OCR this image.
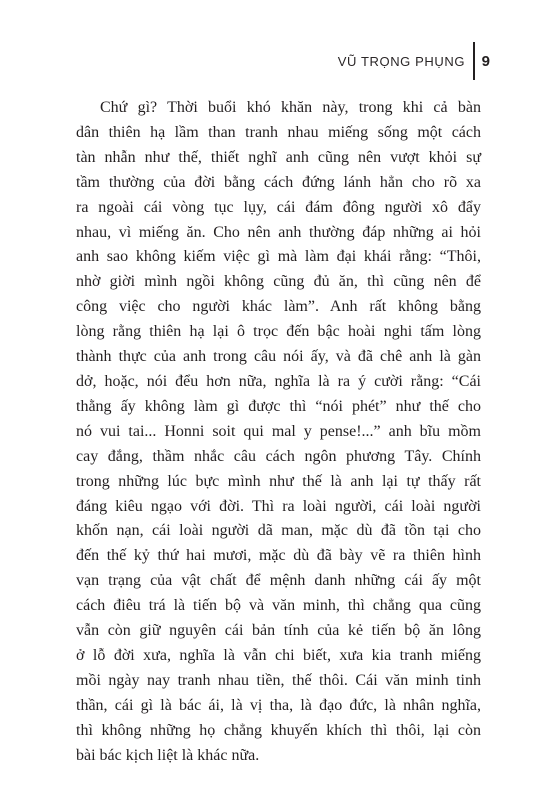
VŨ TRỌNG PHỤNG 9

Chứ gì? Thời buổi khó khăn này, trong khi cả bàn
dân thiên hạ lầm than tranh nhau miếng sống một cách
tàn nhẫn như thế, thiết nghĩ anh cũng nên vượt khỏi sự
tầm thường của đời bằng cách đứng lánh hẳn cho rõ xa
ra ngoài cái vòng tục lụy, cái đám đông người xô đẩy
nhau, vì miếng ăn. Cho nên anh thường đáp những ai hỏi
anh sao không kiếm việc gì mà làm đại khái rằng: “Thôi,
nhờ giời mình ngồi không cũng đủ ăn, thì cũng nên để
công việc cho người khác làm”. Anh rất không bằng
lòng rằng thiên hạ lại ô trọc đến bậc hoài nghi tấm lòng
thành thực của anh trong câu nói ấy, và đã chê anh là gàn
dở, hoặc, nói đểu hơn nữa, nghĩa là ra ý cười rằng: “Cái
thằng ấy không làm gì được thì “nói phét” như thế cho
nó vui tai... Honni soit qui mal y pense!...” anh bĩu mồm
cay đắng, thầm nhắc câu cách ngôn phương Tây. Chính
trong những lúc bực mình như thế là anh lại tự thấy rất
đáng kiêu ngạo với đời. Thì ra loài người, cái loài người
khốn nạn, cái loài người dã man, mặc dù đã tồn tại cho
đến thế kỷ thứ hai mươi, mặc dù đã bày vẽ ra thiên hình
vạn trạng của vật chất để mệnh danh những cái ấy một
cách điêu trá là tiến bộ và văn minh, thì chẳng qua cũng
vẫn còn giữ nguyên cái bản tính của kẻ tiến bộ ăn lông
ở lỗ đời xưa, nghĩa là vẫn chi biết, xưa kia tranh miếng
mồi ngày nay tranh nhau tiền, thế thôi. Cái văn minh tinh
thần, cái gì là bác ái, là vị tha, là đạo đức, là nhân nghĩa,
thì không những họ chẳng khuyến khích thì thôi, lại còn
bài bác kịch liệt là khác nữa.
